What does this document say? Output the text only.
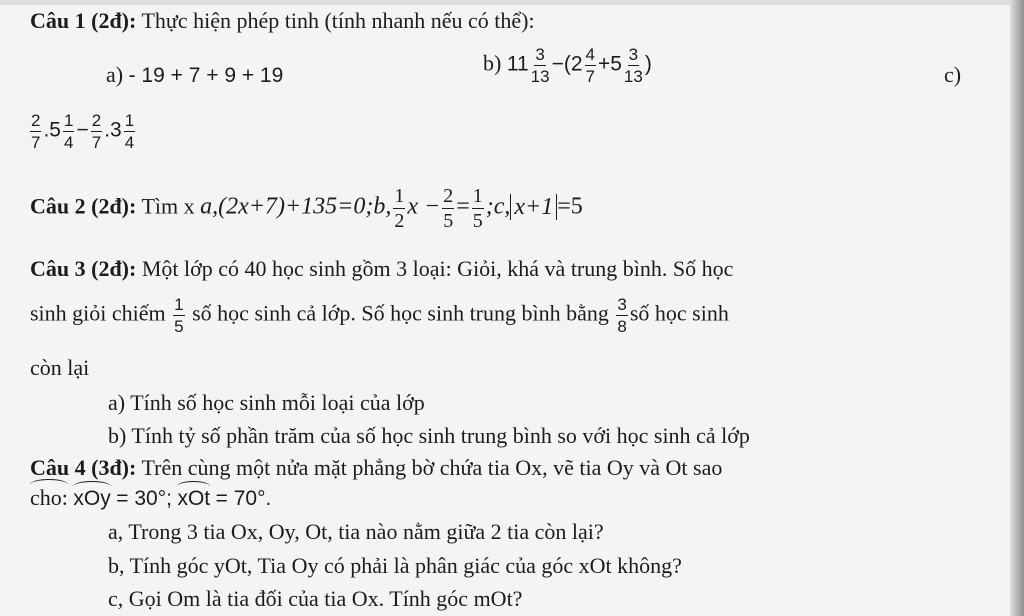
Câu 1 (2đ): Thực hiện phép tinh (tính nhanh nếu có thể):
a) - 19 + 7 + 9 + 19	b) $11 \frac{3}{13} -(2 \frac{4}{7} +5 \frac{3}{13}$ )	c)
$\frac{2}{7} .5 \frac{1}{4} - \frac{2}{7} .3 \frac{1}{4}$
Câu 2 (2đ): Tìm x a,(2x+7)+135=0;b, $\frac{1}{2}$ $x - \frac{2}{5} = \frac{1}{5}$ ;c, x+1 =5
Câu 3 (2đ): Một lớp có 40 học sinh gồm 3 loại: Giỏi, khá và trung bình. Số học
sinh giỏi chiếm $\frac{1}{5}$ số học sinh cả lớp. Số học sinh trung bình bằng $\frac{3}{8}$ số học sinh
còn lại
a) Tính số học sinh mỗi loại của lớp
b) Tính tỷ số phần trăm của số học sinh trung bình so với học sinh cả lớp
Câu 4 (3đ): Trên cùng một nửa mặt phẳng bờ chứa tia Ox, vẽ tia Oy và Ot sao
cho: xOy = 30°; xOt = 70°.
a, Trong 3 tia Ox, Oy, Ot, tia nào nằm giữa 2 tia còn lại?
b, Tính góc yOt, Tia Oy có phải là phân giác của góc xOt không?
c, Gọi Om là tia đối của tia Ox. Tính góc mOt?
